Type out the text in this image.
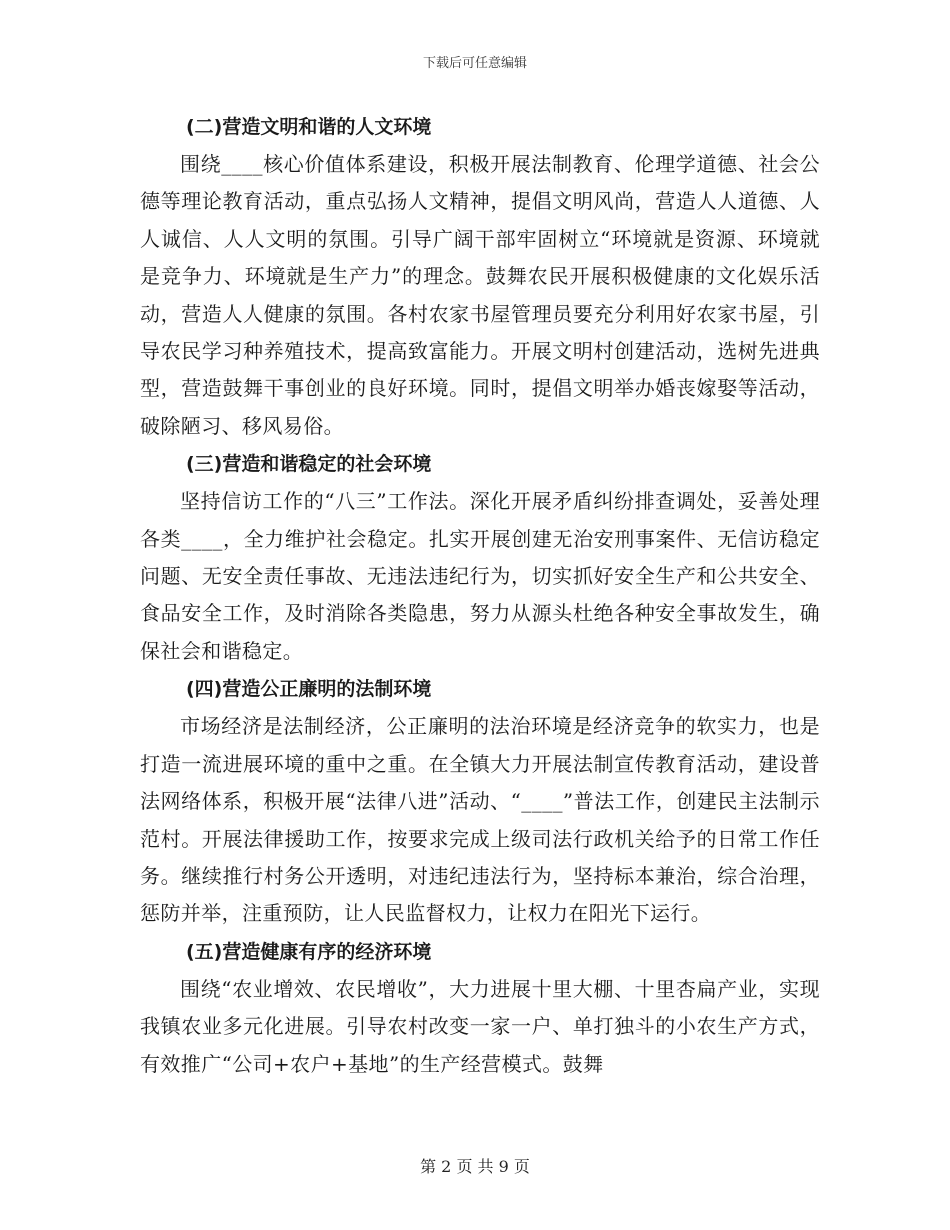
下载后可任意编辑
(二)营造文明和谐的人文环境

围绕____核心价值体系建设，积极开展法制教育、伦理学道德、社会公德等理论教育活动，重点弘扬人文精神，提倡文明风尚，营造人人道德、人人诚信、人人文明的氛围。引导广阔干部牢固树立“环境就是资源、环境就是竞争力、环境就是生产力”的理念。鼓舞农民开展积极健康的文化娱乐活动，营造人人健康的氛围。各村农家书屋管理员要充分利用好农家书屋，引导农民学习种养殖技术，提高致富能力。开展文明村创建活动，选树先进典型，营造鼓舞干事创业的良好环境。同时，提倡文明举办婚丧嫁娶等活动，破除陋习、移风易俗。

(三)营造和谐稳定的社会环境

坚持信访工作的“八三”工作法。深化开展矛盾纠纷排查调处，妥善处理各类____，全力维护社会稳定。扎实开展创建无治安刑事案件、无信访稳定问题、无安全责任事故、无违法违纪行为，切实抓好安全生产和公共安全、食品安全工作，及时消除各类隐患，努力从源头杜绝各种安全事故发生，确保社会和谐稳定。

(四)营造公正廉明的法制环境

市场经济是法制经济，公正廉明的法治环境是经济竞争的软实力，也是打造一流进展环境的重中之重。在全镇大力开展法制宣传教育活动，建设普法网络体系，积极开展“法律八进”活动、“____”普法工作，创建民主法制示范村。开展法律援助工作，按要求完成上级司法行政机关给予的日常工作任务。继续推行村务公开透明，对违纪违法行为，坚持标本兼治，综合治理，惩防并举，注重预防，让人民监督权力，让权力在阳光下运行。

(五)营造健康有序的经济环境

围绕“农业增效、农民增收”，大力进展十里大棚、十里杏扁产业，实现我镇农业多元化进展。引导农村改变一家一户、单打独斗的小农生产方式，有效推广“公司+农户+基地”的生产经营模式。鼓舞

第 2 页 共 9 页
